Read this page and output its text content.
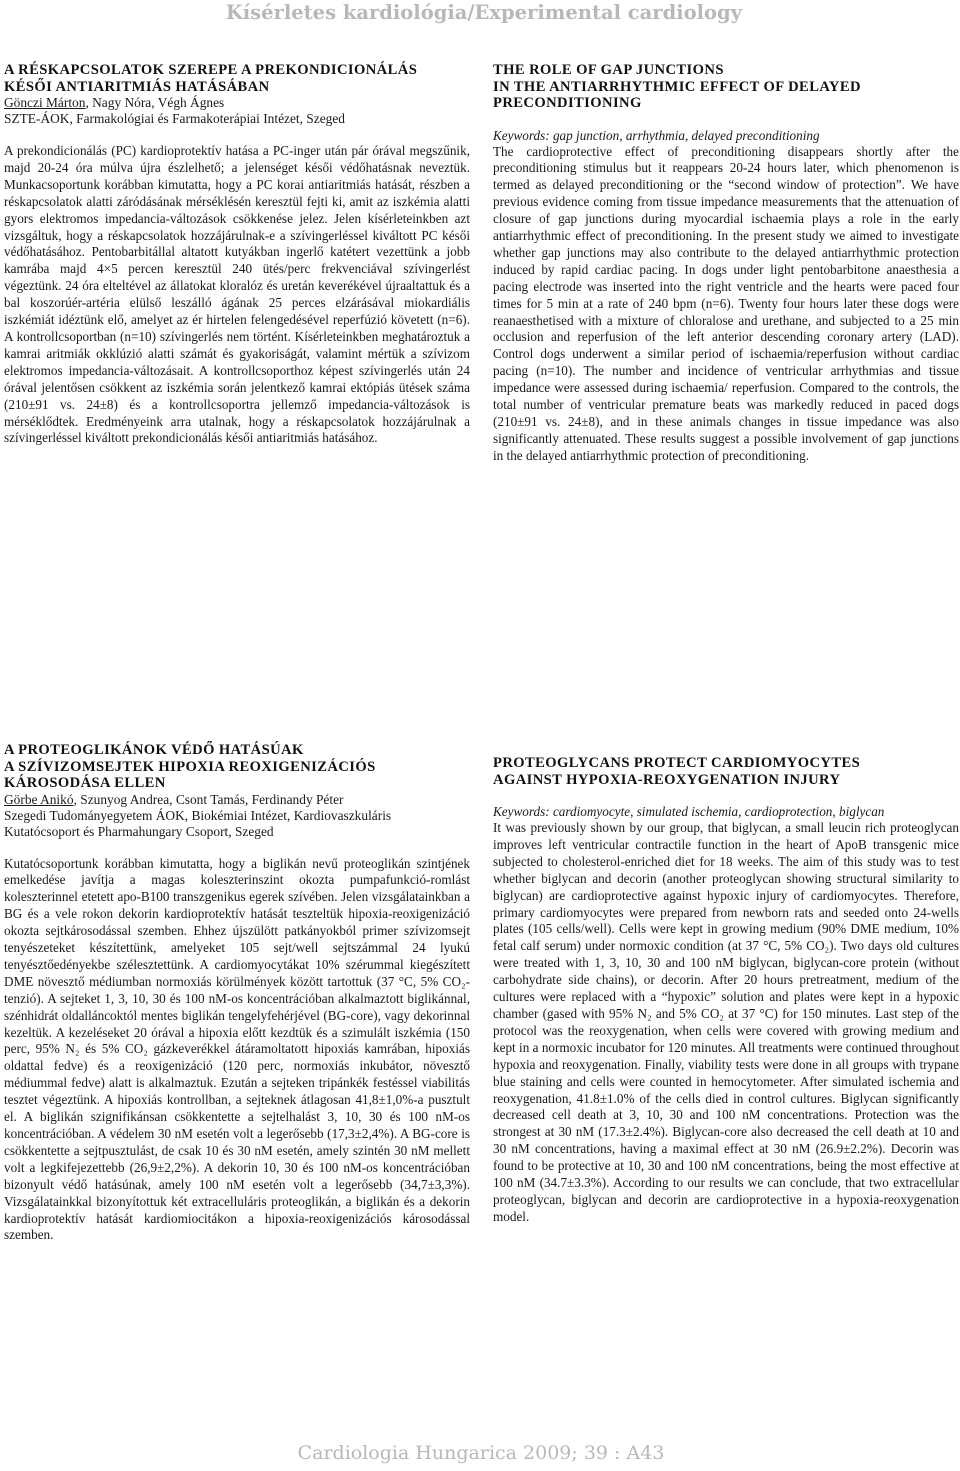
Kísérletes kardiológia/Experimental cardiology
A RÉSKAPCSOLATOK SZEREPE A PREKONDICIONÁLÁS
KÉSŐI ANTIARITMIÁS HATÁSÁBAN

Gönczi Márton, Nagy Nóra, Végh Ágnes

SZTE-ÁOK, Farmakológiai és Farmakoterápiai Intézet, Szeged

A prekondicionálás (PC) kardioprotektív hatása a PC-inger után pár órával megszűnik, majd 20-24 óra múlva újra észlelhető; a jelenséget késői védőhatásnak neveztük. Munkacsoportunk korábban kimutatta, hogy a PC korai antiaritmiás hatását, részben a réskapcsolatok alatti záródásának mérséklésén keresztül fejti ki, amit az iszkémia alatti gyors elektromos impedancia-változások csökkenése jelez. Jelen kísérleteinkben azt vizsgáltuk, hogy a réskapcsolatok hozzájárulnak-e a szívingerléssel kiváltott PC késői védőhatásához. Pentobarbitállal altatott kutyákban ingerlő katétert vezettünk a jobb kamrába majd 4×5 percen keresztül 240 ütés/perc frekvenciával szívingerlést végeztünk. 24 óra elteltével az állatokat kloralóz és uretán keverékével újraaltattuk és a bal koszorúér-artéria elülső leszálló ágának 25 perces elzárásával miokardiális iszkémiát idéztünk elő, amelyet az ér hirtelen felengedésével reperfúzió követett (n=6). A kontrollcsoportban (n=10) szívingerlés nem történt. Kísérleteinkben meghatároztuk a kamrai aritmiák okklúzió alatti számát és gyakoriságát, valamint mértük a szívizom elektromos impedancia-változásait. A kontrollcsoporthoz képest szívingerlés után 24 órával jelentősen csökkent az iszkémia során jelentkező kamrai ektópiás ütések száma (210±91 vs. 24±8) és a kontrollcsoportra jellemző impedancia-változások is mérséklődtek. Eredményeink arra utalnak, hogy a réskapcsolatok hozzájárulnak a szívingerléssel kiváltott prekondicionálás késői antiaritmiás hatásához.

THE ROLE OF GAP JUNCTIONS
IN THE ANTIARRHYTHMIC EFFECT OF DELAYED
PRECONDITIONING

Keywords: gap junction, arrhythmia, delayed preconditioning

The cardioprotective effect of preconditioning disappears shortly after the preconditioning stimulus but it reappears 20-24 hours later, which phenomenon is termed as delayed preconditioning or the “second window of protection”. We have previous evidence coming from tissue impedance measurements that the attenuation of closure of gap junctions during myocardial ischaemia plays a role in the early antiarrhythmic effect of preconditioning. In the present study we aimed to investigate whether gap junctions may also contribute to the delayed antiarrhythmic protection induced by rapid cardiac pacing. In dogs under light pentobarbitone anaesthesia a pacing electrode was inserted into the right ventricle and the hearts were paced four times for 5 min at a rate of 240 bpm (n=6). Twenty four hours later these dogs were reanaesthetised with a mixture of chloralose and urethane, and subjected to a 25 min occlusion and reperfusion of the left anterior descending coronary artery (LAD). Control dogs underwent a similar period of ischaemia/reperfusion without cardiac pacing (n=10). The number and incidence of ventricular arrhythmias and tissue impedance were assessed during ischaemia/ reperfusion. Compared to the controls, the total number of ventricular premature beats was markedly reduced in paced dogs (210±91 vs. 24±8), and in these animals changes in tissue impedance was also significantly attenuated. These results suggest a possible involvement of gap junctions in the delayed antiarrhythmic protection of preconditioning.

A PROTEOGLIKÁNOK VÉDŐ HATÁSÚAK
A SZÍVIZOMSEJTEK HIPOXIA REOXIGENIZÁCIÓS
KÁROSODÁSA ELLEN

Görbe Anikó, Szunyog Andrea, Csont Tamás, Ferdinandy Péter

Szegedi Tudományegyetem ÁOK, Biokémiai Intézet, Kardiovaszkuláris
Kutatócsoport és Pharmahungary Csoport, Szeged

Kutatócsoportunk korábban kimutatta, hogy a biglikán nevű proteoglikán szintjének emelkedése javítja a magas koleszterinszint okozta pumpafunkció-romlást koleszterinnel etetett apo-B100 transzgenikus egerek szívében. Jelen vizsgálatainkban a BG és a vele rokon dekorin kardioprotektív hatását teszteltük hipoxia-reoxigenizáció okozta sejtkárosodással szemben. Ehhez újszülött patkányokból primer szívizomsejt tenyészeteket készítettünk, amelyeket 105 sejt/well sejtszámmal 24 lyukú tenyésztőedényekbe szélesztettünk. A cardiomyocytákat 10% szérummal kiegészített DME növesztő médiumban normoxiás körülmények között tartottuk (37 °C, 5% CO₂-tenzió). A sejteket 1, 3, 10, 30 és 100 nM-os koncentrációban alkalmaztott biglikánnal, szénhidrát oldalláncoktól mentes biglikán tengelyfehérjével (BG-core), vagy dekorinnal kezeltük. A kezeléseket 20 órával a hipoxia előtt kezdtük és a szimulált iszkémia (150 perc, 95% N₂ és 5% CO₂ gázkeverékkel átáramoltatott hipoxiás kamrában, hipoxiás oldattal fedve) és a reoxigenizáció (120 perc, normoxiás inkubátor, növesztő médiummal fedve) alatt is alkalmaztuk. Ezután a sejteken tripánkék festéssel viabilitás tesztet végeztünk. A hipoxiás kontrollban, a sejteknek átlagosan 41,8±1,0%-a pusztult el. A biglikán szignifikánsan csökkentette a sejtelhalást 3, 10, 30 és 100 nM-os koncentrációban. A védelem 30 nM esetén volt a legerősebb (17,3±2,4%). A BG-core is csökkentette a sejtpusztulást, de csak 10 és 30 nM esetén, amely szintén 30 nM mellett volt a legkifejezettebb (26,9±2,2%). A dekorin 10, 30 és 100 nM-os koncentrációban bizonyult védő hatásúnak, amely 100 nM esetén volt a legerősebb (34,7±3,3%). Vizsgálatainkkal bizonyítottuk két extracelluláris proteoglikán, a biglikán és a dekorin kardioprotektív hatását kardiomiocitákon a hipoxia-reoxigenizációs károsodással szemben.

PROTEOGLYCANS PROTECT CARDIOMYOCYTES
AGAINST HYPOXIA-REOXYGENATION INJURY

Keywords: cardiomyocyte, simulated ischemia, cardioprotection, biglycan

It was previously shown by our group, that biglycan, a small leucin rich proteoglycan improves left ventricular contractile function in the heart of ApoB transgenic mice subjected to cholesterol-enriched diet for 18 weeks. The aim of this study was to test whether biglycan and decorin (another proteoglycan showing structural similarity to biglycan) are cardioprotective against hypoxic injury of cardiomyocytes. Therefore, primary cardiomyocytes were prepared from newborn rats and seeded onto 24-wells plates (105 cells/well). Cells were kept in growing medium (90% DME medium, 10% fetal calf serum) under normoxic condition (at 37 °C, 5% CO₂). Two days old cultures were treated with 1, 3, 10, 30 and 100 nM biglycan, biglycan-core protein (without carbohydrate side chains), or decorin. After 20 hours pretreatment, medium of the cultures were replaced with a “hypoxic” solution and plates were kept in a hypoxic chamber (gased with 95% N₂ and 5% CO₂ at 37 °C) for 150 minutes. Last step of the protocol was the reoxygenation, when cells were covered with growing medium and kept in a normoxic incubator for 120 minutes. All treatments were continued throughout hypoxia and reoxygenation. Finally, viability tests were done in all groups with trypane blue staining and cells were counted in hemocytometer. After simulated ischemia and reoxygenation, 41.8±1.0% of the cells died in control cultures. Biglycan significantly decreased cell death at 3, 10, 30 and 100 nM concentrations. Protection was the strongest at 30 nM (17.3±2.4%). Biglycan-core also decreased the cell death at 10 and 30 nM concentrations, having a maximal effect at 30 nM (26.9±2.2%). Decorin was found to be protective at 10, 30 and 100 nM concentrations, being the most effective at 100 nM (34.7±3.3%). According to our results we can conclude, that two extracellular proteoglycan, biglycan and decorin are cardioprotective in a hypoxia-reoxygenation model.

Cardiologia Hungarica 2009; 39 : A43
